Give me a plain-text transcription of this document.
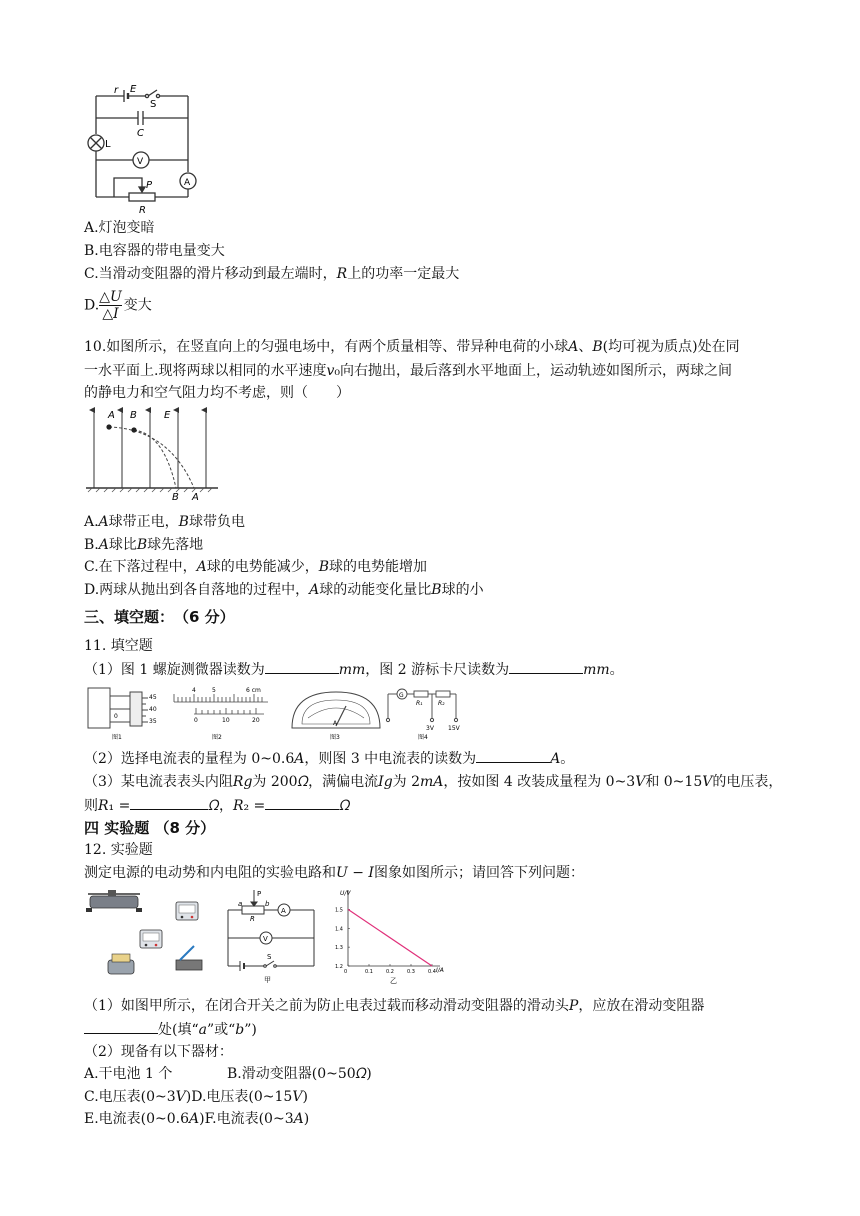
r E
S
C
L
V
A
P
R
A.灯泡变暗
B.电容器的带电量变大
C.当滑动变阻器的滑片移动到最左端时，𝑅上的功率一定最大
D. $\frac{\text{△𝑈}}{\text{△𝐼}}$ 变大
10.如图所示，在竖直向上的匀强电场中，有两个质量相等、带异种电荷的小球𝐴、𝐵(均可视为质点)处在同
一水平面上.现将两球以相同的水平速度𝑣₀向右抛出，最后落到水平地面上，运动轨迹如图所示，两球之间
的静电力和空气阻力均不考虑，则（　　）
A B	E
B A
A.𝐴球带正电，𝐵球带负电
B.𝐴球比𝐵球先落地
C.在下落过程中，𝐴球的电势能减少，𝐵球的电势能增加
D.两球从抛出到各自落地的过程中，𝐴球的动能变化量比𝐵球的小
三、填空题：　（6 分）
11. 填空题
（1）图 1 螺旋测微器读数为	𝑚𝑚，图 2 游标卡尺读数为	𝑚𝑚。
45
40
35
0
图1
4	5	6 cm
0	10	20
图2
A
图3
G
R₁	R₂
3V 15V
图4
（2）选择电流表的量程为 0~0.6𝐴，则图 3 中电流表的读数为	𝐴。
（3）某电流表表头内阻𝑅𝑔为 200𝛺，满偏电流𝐼𝑔为 2𝑚𝐴，按如图 4 改装成量程为 0~3𝑉和 0~15𝑉的电压表，
则𝑅₁ =	𝛺，𝑅₂ =	𝛺
四 实验题 （8 分）
12. 实验题
测定电源的电动势和内电阻的实验电路和𝑈 − 𝐼图象如图所示；请回答下列问题：
P
a
R
b
A
V
S
甲
0	0.1	0.2	0.3	0.4
1.2
1.3
1.4
1.5
U/V
I/A
乙
（1）如图甲所示，在闭合开关之前为防止电表过载而移动滑动变阻器的滑动头𝑃，应放在滑动变阻器
处(填“𝑎”或“𝑏”)
（2）现备有以下器材：
A.干电池 1 个	B.滑动变阻器(0~50𝛺)
C.电压表(0~3𝑉)D.电压表(0~15𝑉)
E.电流表(0~0.6𝐴)F.电流表(0~3𝐴)
